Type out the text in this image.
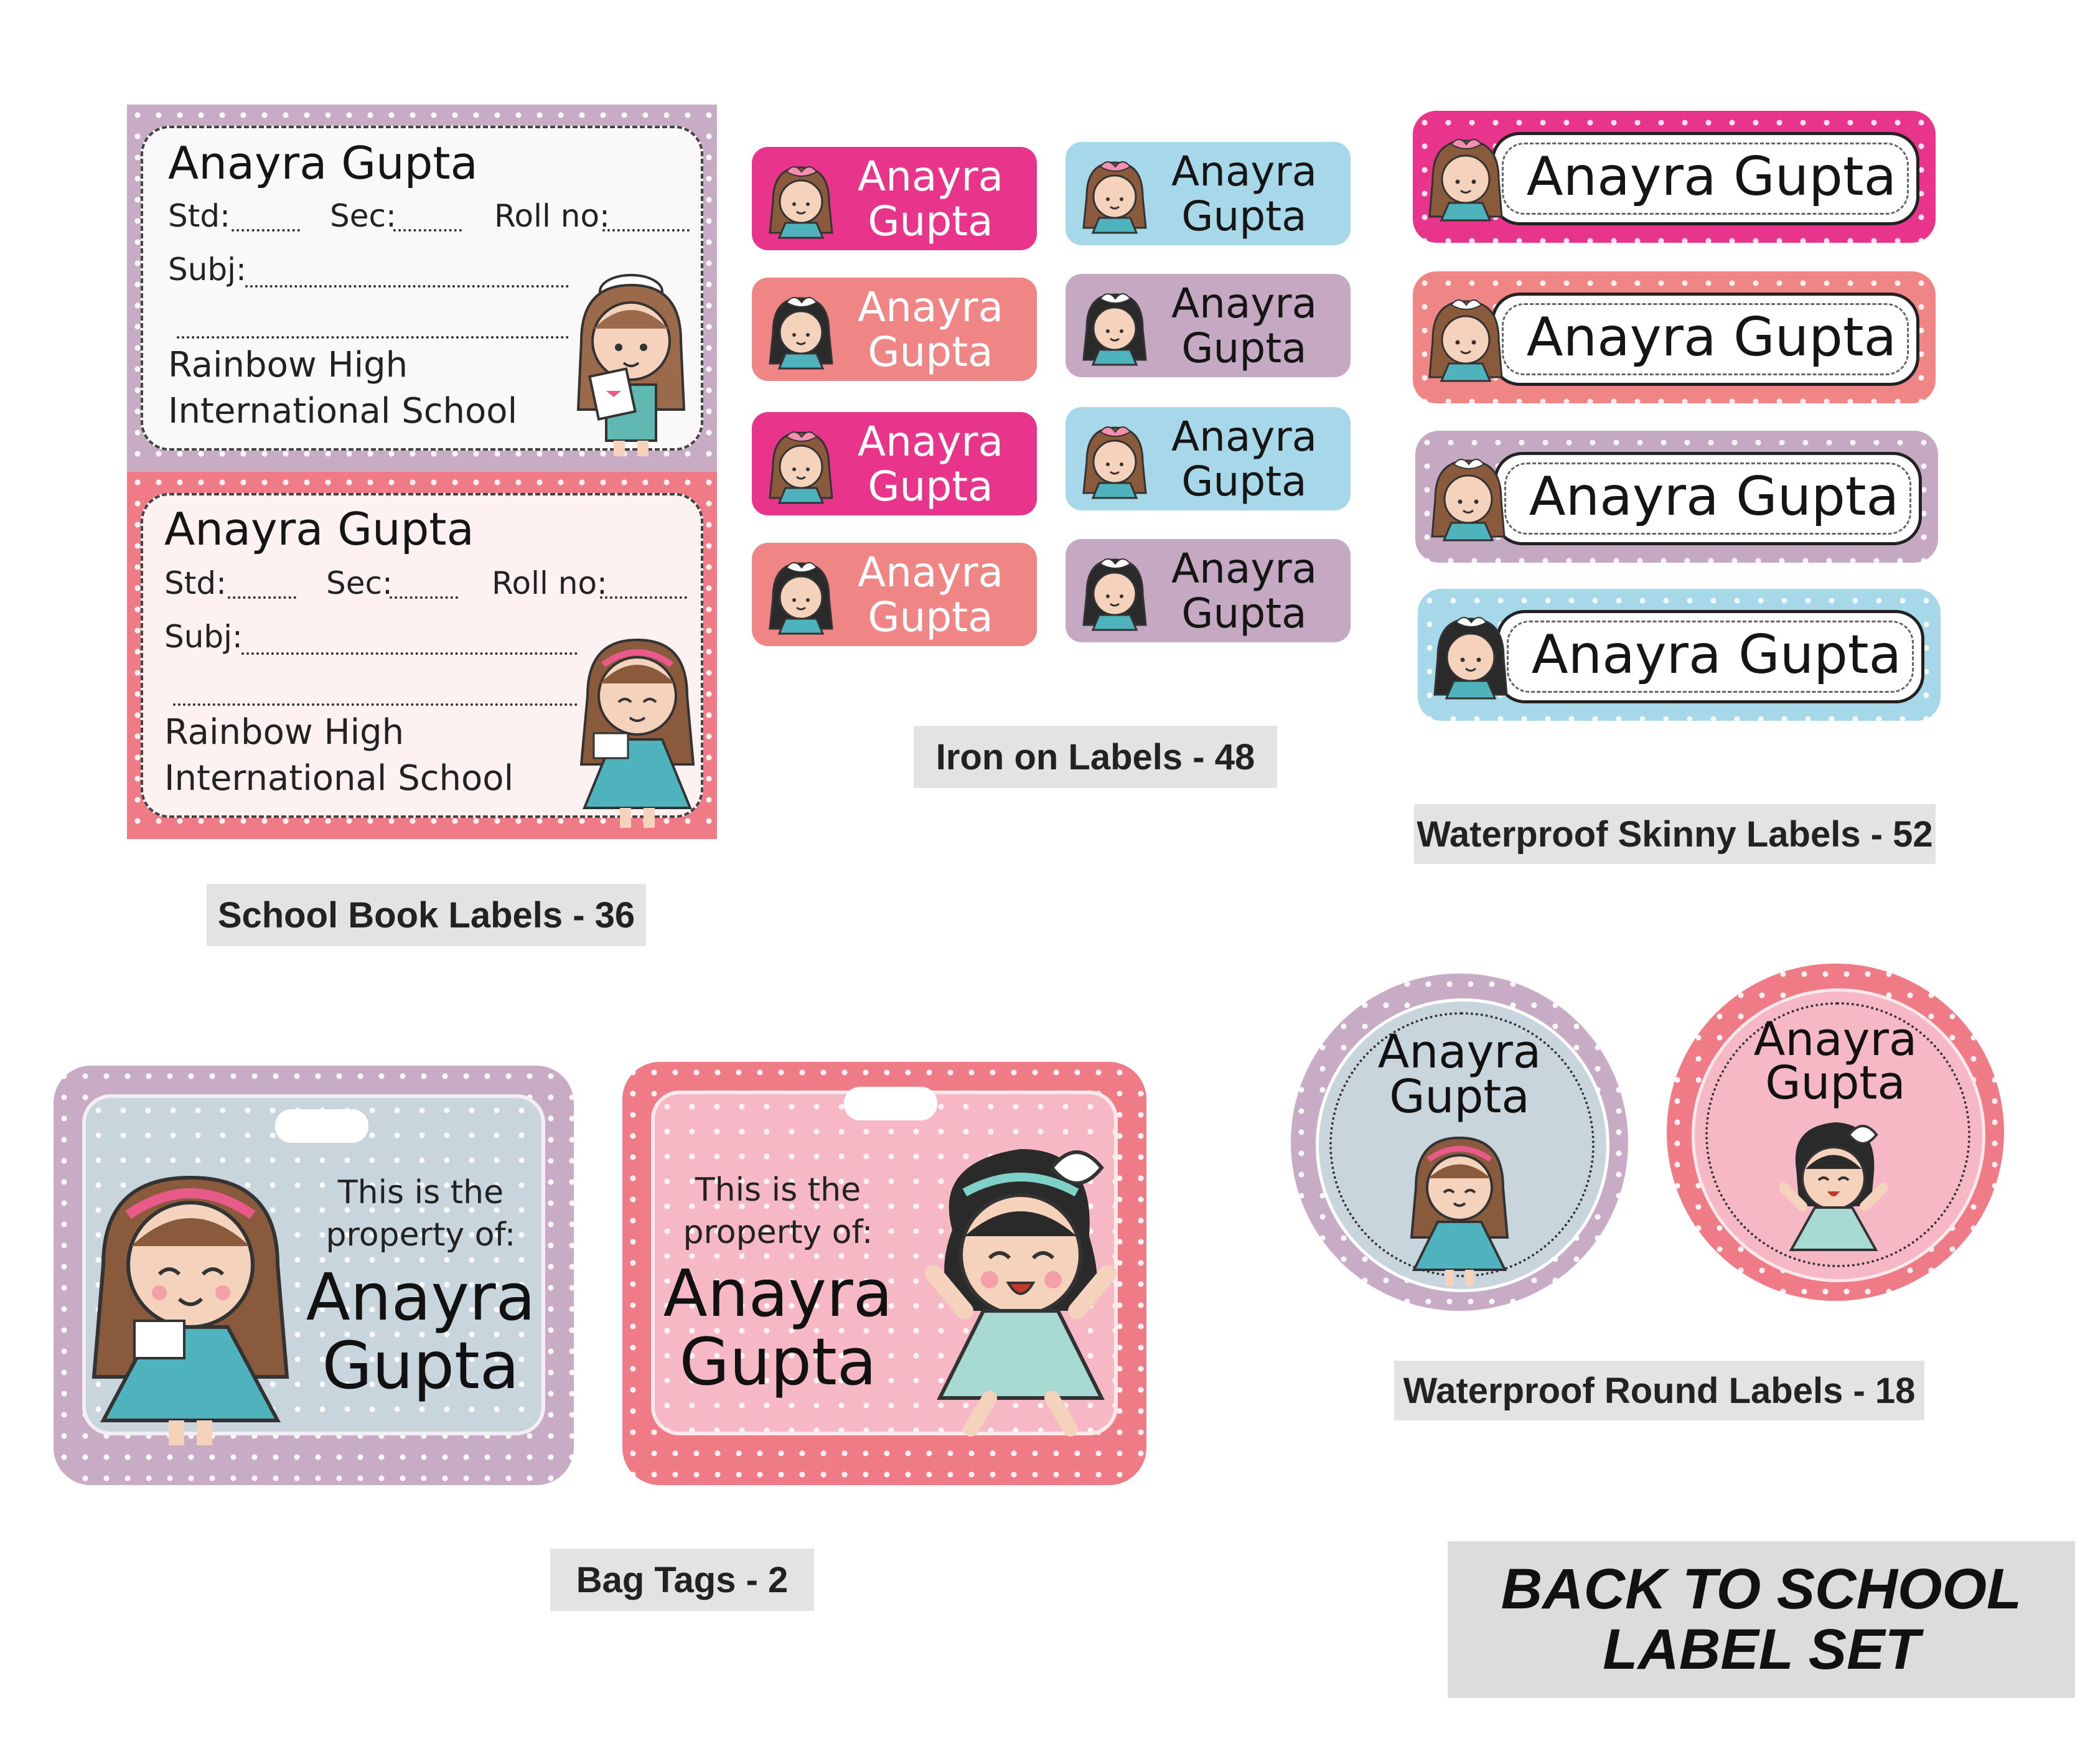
Anayra Gupta
Std:	Sec:	Roll no:
Subj:
Rainbow High
International School
Anayra Gupta
Std:	Sec:	Roll no:
Subj:
Rainbow High
International School
Anayra
Gupta
Anayra
Gupta
Anayra
Gupta
Anayra
Gupta
Anayra
Gupta
Anayra
Gupta
Anayra
Gupta
Anayra
Gupta
Anayra Gupta
Anayra Gupta
Anayra Gupta
Anayra Gupta
This is the
property of:
Anayra
Gupta
This is the
property of:
Anayra
Gupta
Anayra
Gupta
Anayra
Gupta
School Book Labels - 36
Iron on Labels - 48
Waterproof Skinny Labels - 52
Waterproof Round Labels - 18
Bag Tags - 2	BACK TO SCHOOL
LABEL SET
